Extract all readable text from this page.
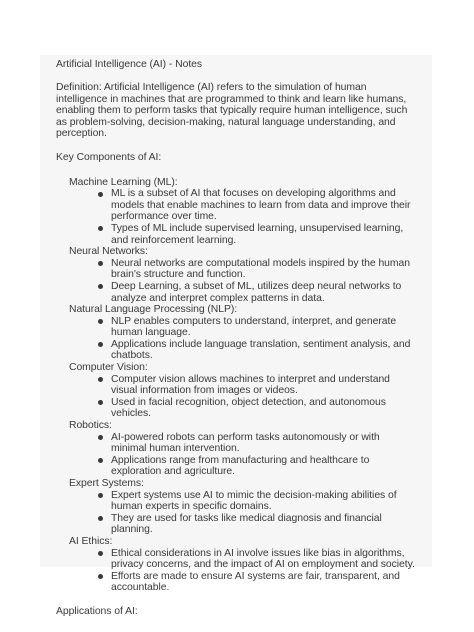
Artificial Intelligence (AI) - Notes
Definition: Artificial Intelligence (AI) refers to the simulation of human intelligence in machines that are programmed to think and learn like humans, enabling them to perform tasks that typically require human intelligence, such as problem-solving, decision-making, natural language understanding, and perception.
Key Components of AI:
Machine Learning (ML):
ML is a subset of AI that focuses on developing algorithms and models that enable machines to learn from data and improve their performance over time.
Types of ML include supervised learning, unsupervised learning, and reinforcement learning.
Neural Networks:
Neural networks are computational models inspired by the human brain's structure and function.
Deep Learning, a subset of ML, utilizes deep neural networks to analyze and interpret complex patterns in data.
Natural Language Processing (NLP):
NLP enables computers to understand, interpret, and generate human language.
Applications include language translation, sentiment analysis, and chatbots.
Computer Vision:
Computer vision allows machines to interpret and understand visual information from images or videos.
Used in facial recognition, object detection, and autonomous vehicles.
Robotics:
AI-powered robots can perform tasks autonomously or with minimal human intervention.
Applications range from manufacturing and healthcare to exploration and agriculture.
Expert Systems:
Expert systems use AI to mimic the decision-making abilities of human experts in specific domains.
They are used for tasks like medical diagnosis and financial planning.
AI Ethics:
Ethical considerations in AI involve issues like bias in algorithms, privacy concerns, and the impact of AI on employment and society.
Efforts are made to ensure AI systems are fair, transparent, and accountable.
Applications of AI:
